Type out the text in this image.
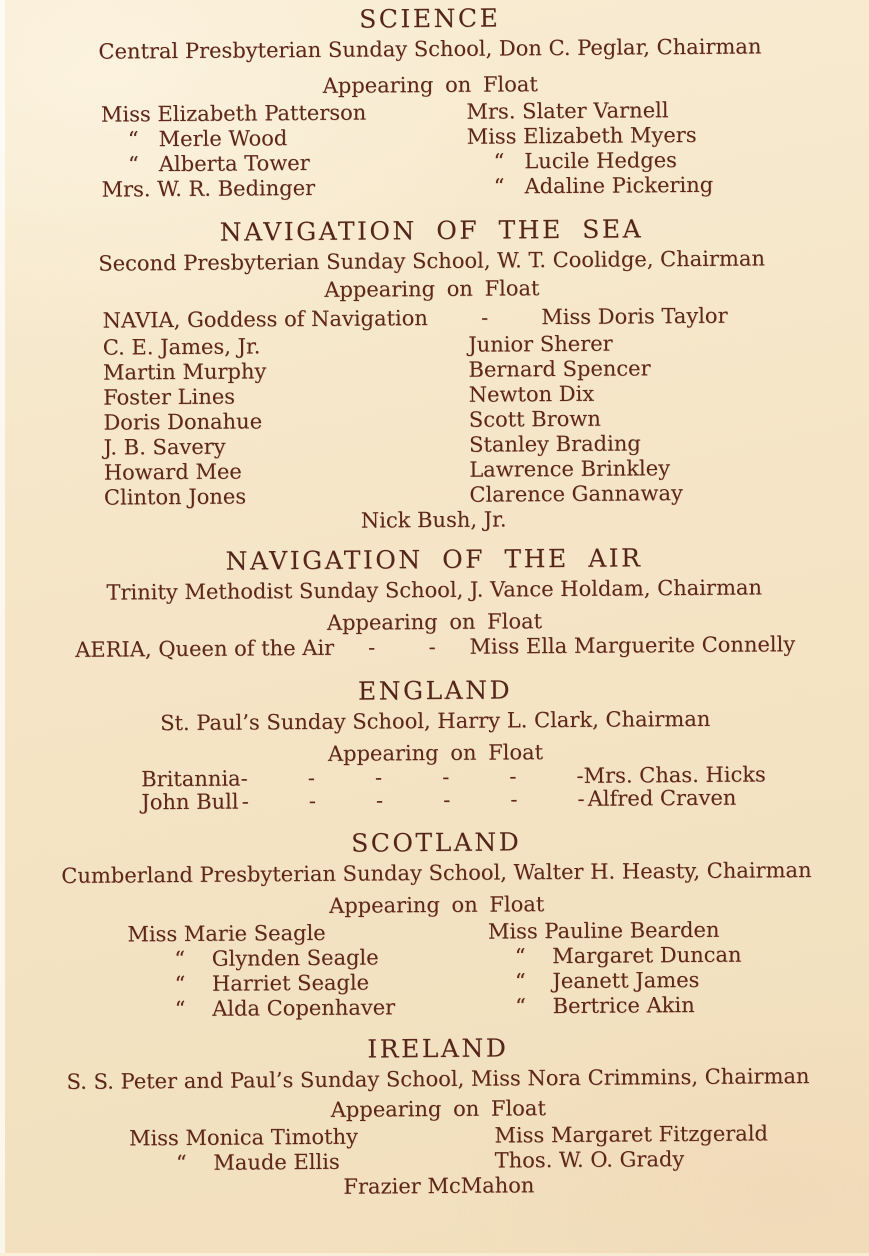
SCIENCE
Central Presbyterian Sunday School, Don C. Peglar, Chairman
Appearing on Float
Miss Elizabeth Patterson
“   Merle Wood
“   Alberta Tower
Mrs. W. R. Bedinger
Mrs. Slater Varnell
Miss Elizabeth Myers
“   Lucile Hedges
“   Adaline Pickering
NAVIGATION OF THE SEA
Second Presbyterian Sunday School, W. T. Coolidge, Chairman
Appearing on Float
NAVIA, Goddess of Navigation	-	Miss Doris Taylor
C. E. James, Jr.
Martin Murphy
Foster Lines
Doris Donahue
J. B. Savery
Howard Mee
Clinton Jones
Junior Sherer
Bernard Spencer
Newton Dix
Scott Brown
Stanley Brading
Lawrence Brinkley
Clarence Gannaway
Nick Bush, Jr.
NAVIGATION OF THE AIR
Trinity Methodist Sunday School, J. Vance Holdam, Chairman
Appearing on Float
AERIA, Queen of the Air -        - Miss Ella Marguerite Connelly
ENGLAND
St. Paul’s Sunday School, Harry L. Clark, Chairman
Appearing on Float
Britannia -         -         -         -         -         - Mrs. Chas. Hicks
John Bull -         -         -         -         -         - Alfred Craven
SCOTLAND
Cumberland Presbyterian Sunday School, Walter H. Heasty, Chairman
Appearing on Float
Miss Marie Seagle
“    Glynden Seagle
“    Harriet Seagle
“    Alda Copenhaver
Miss Pauline Bearden
“    Margaret Duncan
“    Jeanett James
“    Bertrice Akin
IRELAND
S. S. Peter and Paul’s Sunday School, Miss Nora Crimmins, Chairman
Appearing on Float
Miss Monica Timothy
“    Maude Ellis
Miss Margaret Fitzgerald
Thos. W. O. Grady
Frazier McMahon
